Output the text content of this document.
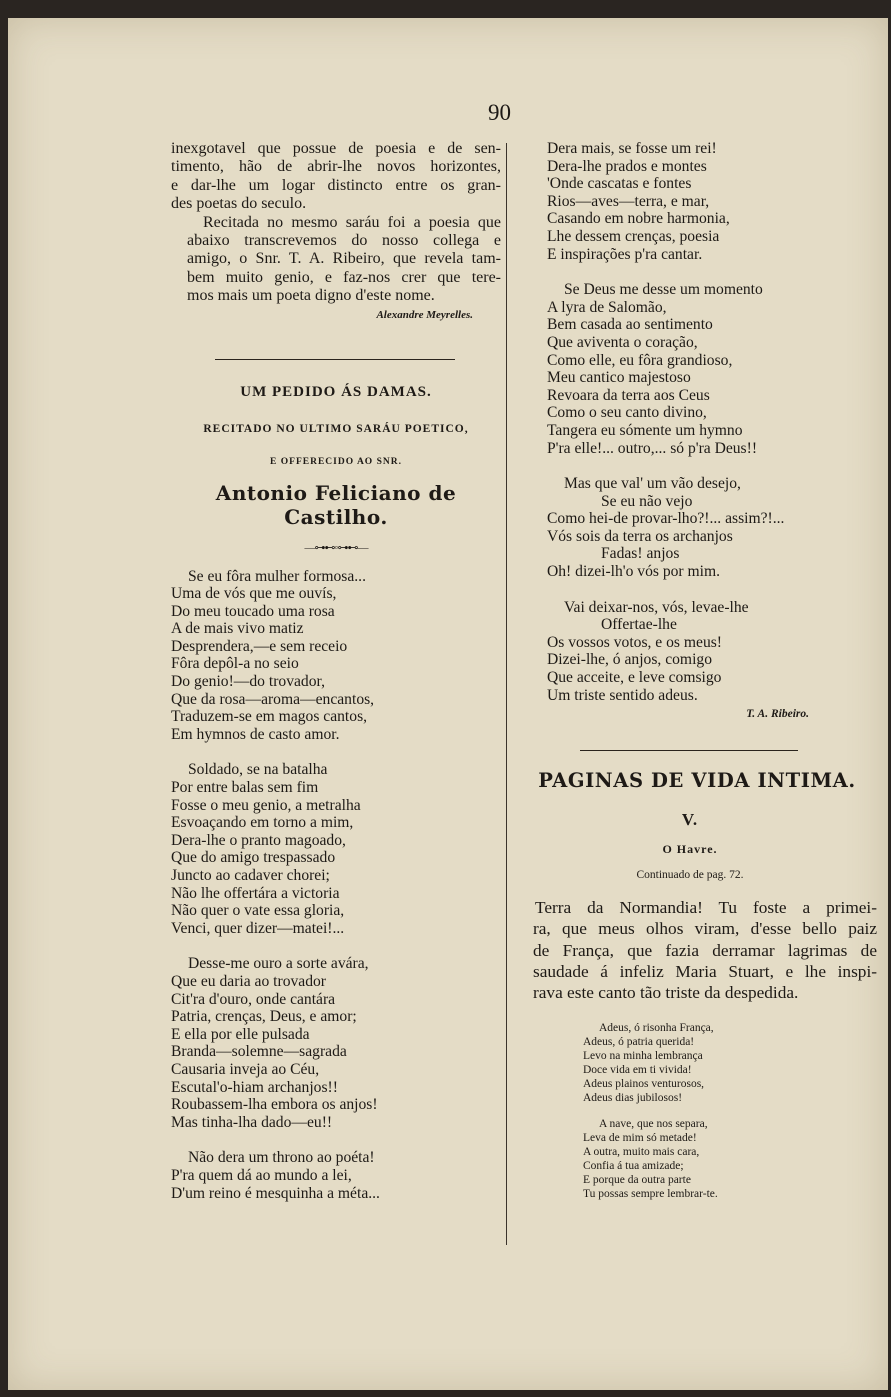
90
inexgotavel que possue de poesia e de sen-
timento, hão de abrir-lhe novos horizontes,
e dar-lhe um logar distincto entre os gran-
des poetas do seculo.
Recitada no mesmo saráu foi a poesia que
abaixo transcrevemos do nosso collega e
amigo, o Snr. T. A. Ribeiro, que revela tam-
bem muito genio, e faz-nos crer que tere-
mos mais um poeta digno d'este nome.
Alexandre Meyrelles.
UM PEDIDO ÁS DAMAS.
RECITADO NO ULTIMO SARÁU POETICO,
E OFFERECIDO AO SNR.
Antonio Feliciano de Castilho.
—⊶⊷◦⊶⊷—
Se eu fôra mulher formosa...
Uma de vós que me ouvís,
Do meu toucado uma rosa
A de mais vivo matiz
Desprendera,—e sem receio
Fôra depôl-a no seio
Do genio!—do trovador,
Que da rosa—aroma—encantos,
Traduzem-se em magos cantos,
Em hymnos de casto amor.
Soldado, se na batalha
Por entre balas sem fim
Fosse o meu genio, a metralha
Esvoaçando em torno a mim,
Dera-lhe o pranto magoado,
Que do amigo trespassado
Juncto ao cadaver chorei;
Não lhe offertára a victoria
Não quer o vate essa gloria,
Venci, quer dizer—matei!...
Desse-me ouro a sorte avára,
Que eu daria ao trovador
Cit'ra d'ouro, onde cantára
Patria, crenças, Deus, e amor;
E ella por elle pulsada
Branda—solemne—sagrada
Causaria inveja ao Céu,
Escutal'o-hiam archanjos!!
Roubassem-lha embora os anjos!
Mas tinha-lha dado—eu!!
Não dera um throno ao poéta!
P'ra quem dá ao mundo a lei,
D'um reino é mesquinha a méta...
Dera mais, se fosse um rei!
Dera-lhe prados e montes
'Onde cascatas e fontes
Rios—aves—terra, e mar,
Casando em nobre harmonia,
Lhe dessem crenças, poesia
E inspirações p'ra cantar.
Se Deus me desse um momento
A lyra de Salomão,
Bem casada ao sentimento
Que aviventa o coração,
Como elle, eu fôra grandioso,
Meu cantico majestoso
Revoara da terra aos Ceus
Como o seu canto divino,
Tangera eu sómente um hymno
P'ra elle!... outro,... só p'ra Deus!!
Mas que val' um vão desejo,
Se eu não vejo
Como hei-de provar-lho?!... assim?!...
Vós sois da terra os archanjos
Fadas! anjos
Oh! dizei-lh'o vós por mim.
Vai deixar-nos, vós, levae-lhe
Offertae-lhe
Os vossos votos, e os meus!
Dizei-lhe, ó anjos, comigo
Que acceite, e leve comsigo
Um triste sentido adeus.
T. A. Ribeiro.
PAGINAS DE VIDA INTIMA.
V.
O Havre.
Continuado de pag. 72.
Terra da Normandia! Tu foste a primei-
ra, que meus olhos viram, d'esse bello paiz
de França, que fazia derramar lagrimas de
saudade á infeliz Maria Stuart, e lhe inspi-
rava este canto tão triste da despedida.
Adeus, ó risonha França,
Adeus, ó patria querida!
Levo na minha lembrança
Doce vida em ti vivida!
Adeus plainos venturosos,
Adeus dias jubilosos!
A nave, que nos separa,
Leva de mim só metade!
A outra, muito mais cara,
Confia á tua amizade;
E porque da outra parte
Tu possas sempre lembrar-te.
